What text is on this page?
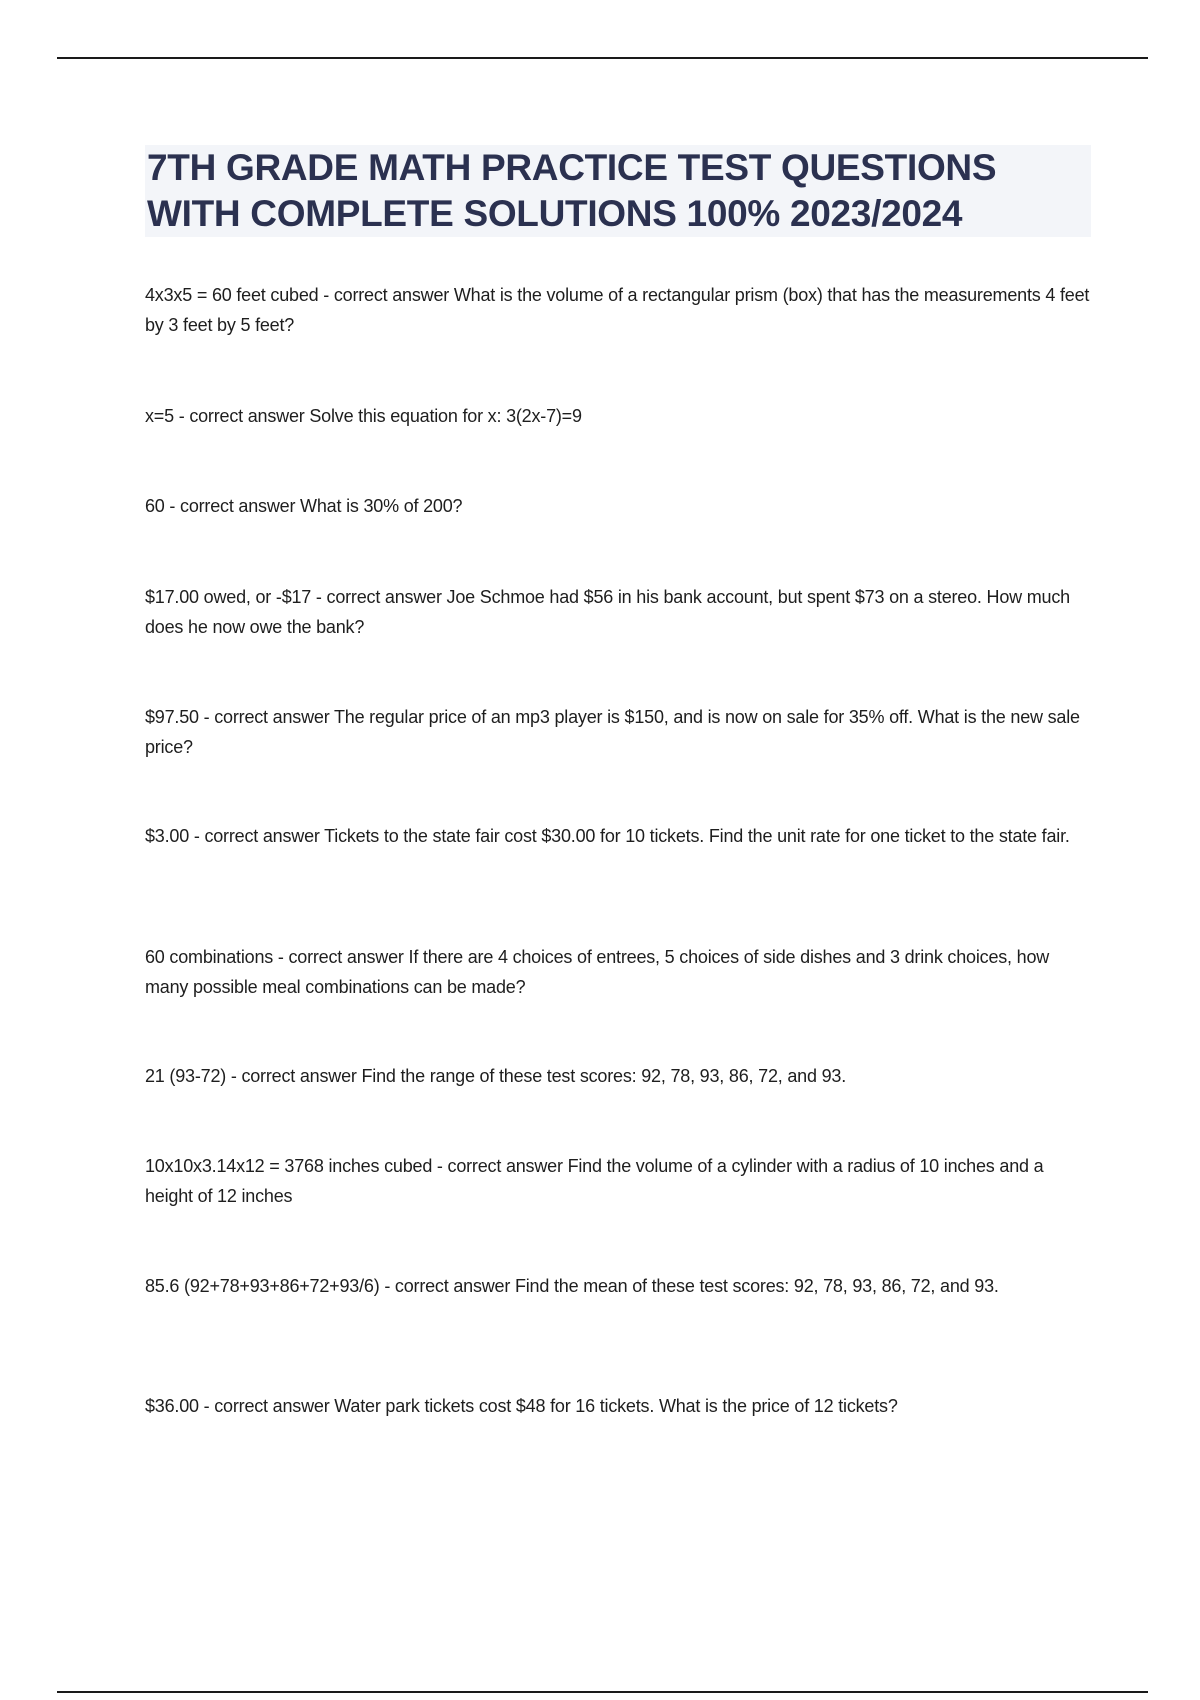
7TH GRADE MATH PRACTICE TEST QUESTIONS
WITH COMPLETE SOLUTIONS 100% 2023/2024

4x3x5 = 60 feet cubed - correct answer What is the volume of a rectangular prism (box) that has the measurements 4 feet by 3 feet by 5 feet?

x=5 - correct answer Solve this equation for x: 3(2x-7)=9

60 - correct answer What is 30% of 200?

$17.00 owed, or -$17 - correct answer Joe Schmoe had $56 in his bank account, but spent $73 on a stereo. How much does he now owe the bank?

$97.50 - correct answer The regular price of an mp3 player is $150, and is now on sale for 35% off. What is the new sale price?

$3.00 - correct answer Tickets to the state fair cost $30.00 for 10 tickets. Find the unit rate for one ticket to the state fair.

60 combinations - correct answer If there are 4 choices of entrees, 5 choices of side dishes and 3 drink choices, how many possible meal combinations can be made?

21 (93-72) - correct answer Find the range of these test scores: 92, 78, 93, 86, 72, and 93.

10x10x3.14x12 = 3768 inches cubed - correct answer Find the volume of a cylinder with a radius of 10 inches and a height of 12 inches

85.6 (92+78+93+86+72+93/6) - correct answer Find the mean of these test scores: 92, 78, 93, 86, 72, and 93.

$36.00 - correct answer Water park tickets cost $48 for 16 tickets. What is the price of 12 tickets?
